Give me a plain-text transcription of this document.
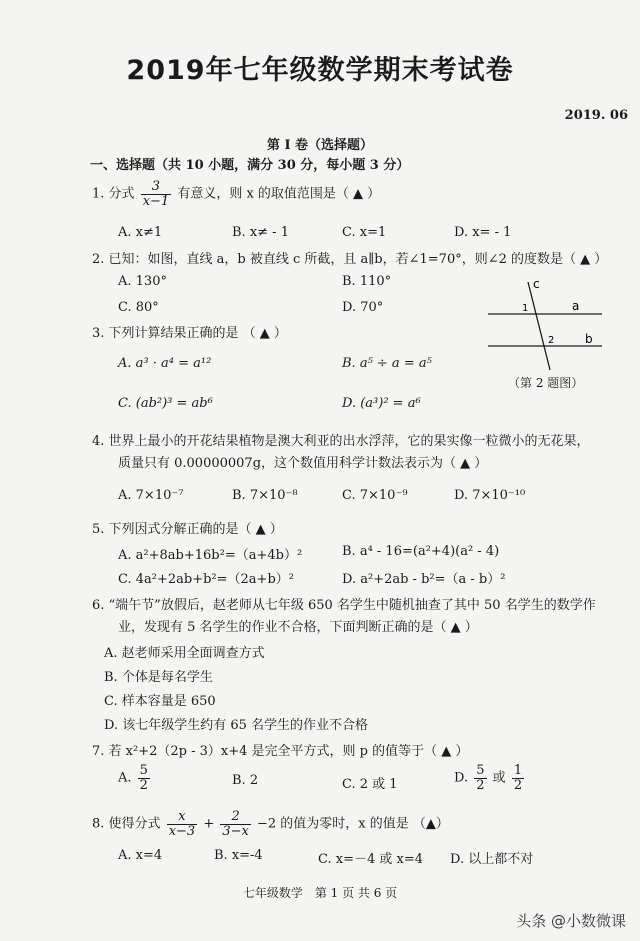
2019年七年级数学期末考试卷
2019. 06
第 I 卷（选择题）
一、选择题（共 10 小题，满分 30 分，每小题 3 分）
1. 分式 $\frac{3}{x-1}$ 有意义，则 x 的取值范围是（ ▲ ）
A. x≠1	B. x≠ - 1	C. x=1	D. x= - 1
2. 已知：如图，直线 a，b 被直线 c 所截，且 a∥b，若∠1=70°，则∠2 的度数是（ ▲ ）
A. 130°	B. 110°
C. 80°	D. 70°
c
a
b
1
2
（第 2 题图）
3. 下列计算结果正确的是 （ ▲ ）
A. a³ · a⁴ = a¹²	B. a⁵ ÷ a = a⁵
C. (ab²)³ = ab⁶	D. (a³)² = a⁶
4. 世界上最小的开花结果植物是澳大利亚的出水浮萍，它的果实像一粒微小的无花果，
质量只有 0.00000007g，这个数值用科学计数法表示为（ ▲ ）
A. 7×10⁻⁷	B. 7×10⁻⁸	C. 7×10⁻⁹	D. 7×10⁻¹⁰
5. 下列因式分解正确的是（ ▲ ）
A. a²+8ab+16b²=（a+4b）²	B. a⁴ - 16=(a²+4)(a² - 4)
C. 4a²+2ab+b²=（2a+b）²	D. a²+2ab - b²=（a - b）²
6. “端午节”放假后，赵老师从七年级 650 名学生中随机抽查了其中 50 名学生的数学作
业，发现有 5 名学生的作业不合格，下面判断正确的是（ ▲ ）
A. 赵老师采用全面调查方式
B. 个体是每名学生
C. 样本容量是 650
D. 该七年级学生约有 65 名学生的作业不合格
7. 若 x²+2（2p - 3）x+4 是完全平方式，则 p 的值等于（ ▲ ）
A. $\frac{5}{2}$	B. 2	C. 2 或 1	D. $\frac{5}{2}$ 或 $\frac{1}{2}$
8. 使得分式 $\frac{x}{x-3} + \frac{2}{3-x} -2$ 的值为零时，x 的值是 （▲）
A. x=4	B. x=-4	C. x=－4 或 x=4 D. 以上都不对
七年级数学　第 1 页 共 6 页
头条 @小数微课
